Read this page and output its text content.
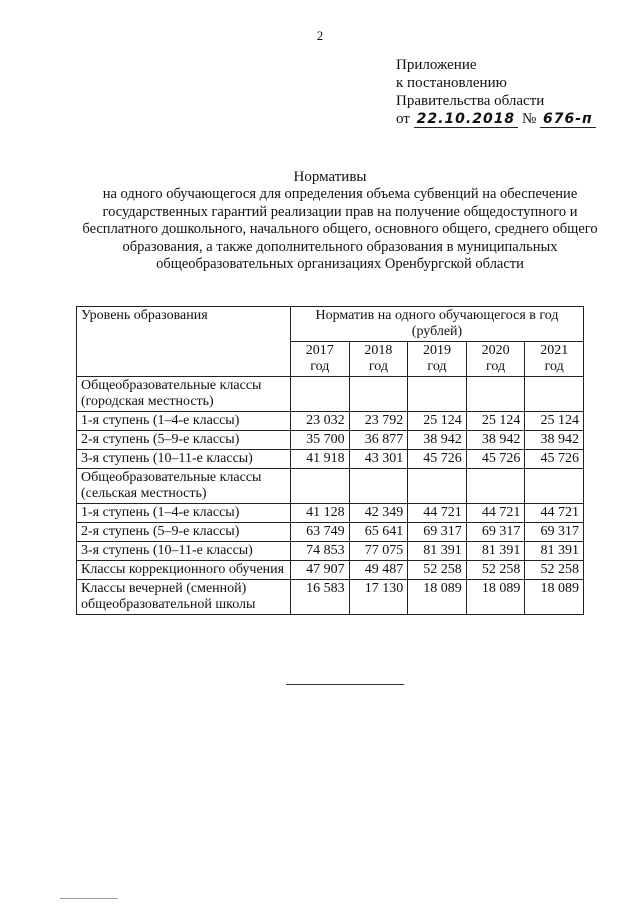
2
Приложение
к постановлению
Правительства области
от 22.10.2018 № 676-п
Нормативы
на одного обучающегося для определения объема субвенций на обеспечение государственных гарантий реализации прав на получение общедоступного и бесплатного дошкольного, начального общего, основного общего, среднего общего образования, а также дополнительного образования в муниципальных общеобразовательных организациях Оренбургской области
Уровень образования	Норматив на одного обучающегося в год (рублей)				
	2017 год	2018 год	2019 год	2020 год	2021 год
Общеобразовательные классы (городская местность)					
1-я ступень (1–4-е классы)	23 032	23 792	25 124	25 124	25 124
2-я ступень (5–9-е классы)	35 700	36 877	38 942	38 942	38 942
3-я ступень (10–11-е классы)	41 918	43 301	45 726	45 726	45 726
Общеобразовательные классы (сельская местность)					
1-я ступень (1–4-е классы)	41 128	42 349	44 721	44 721	44 721
2-я ступень (5–9-е классы)	63 749	65 641	69 317	69 317	69 317
3-я ступень (10–11-е классы)	74 853	77 075	81 391	81 391	81 391
Классы коррекционного обучения	47 907	49 487	52 258	52 258	52 258
Классы вечерней (сменной) общеобразовательной школы	16 583	17 130	18 089	18 089	18 089
